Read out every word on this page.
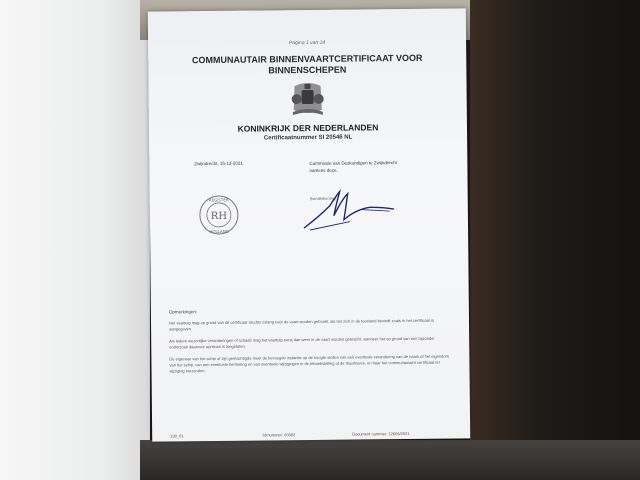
Pagina 1 van 14
COMMUNAUTAIR BINNENVAARTCERTIFICAAT VOOR
BINNENSCHEPEN
KONINKRIJK DER NEDERLANDEN
Certificaatnummer SI 20546 NL
Zwijndrecht, 15-12-2021	Commissie van Deskundigen te Zwijndrecht
namens deze,
(handtekening)
REGISTER
RH
HOLLAND
Opmerkingen:
Het vaartuig mag op grond van dit certificaat slechts zolang voor de vaart worden gebruikt, als het zich in de toestand bevindt zoals in het certificaat is aangegeven.
Als ledere wezenlijke veranderingen of schade mag het vaartuig eerst dan weer in de vaart worden gebracht, wanneer het op grond van een bijzonder onderzoek daarvoor opnieuw is toegelaten.
De eigenaar van het schip of zijn gemachtigde moet de bevoegde instantie op de hoogte stellen van een eventuele verandering van de naam of het eigendom van het schip, van een eventuele hermeting en van eventuele wijzigingen in de teboekstelling of de thuishaven, en haar het communautaire certificaat ter wijziging toezenden.
199_01	Strnummer: 60382	Document nummer: 12606/2021
